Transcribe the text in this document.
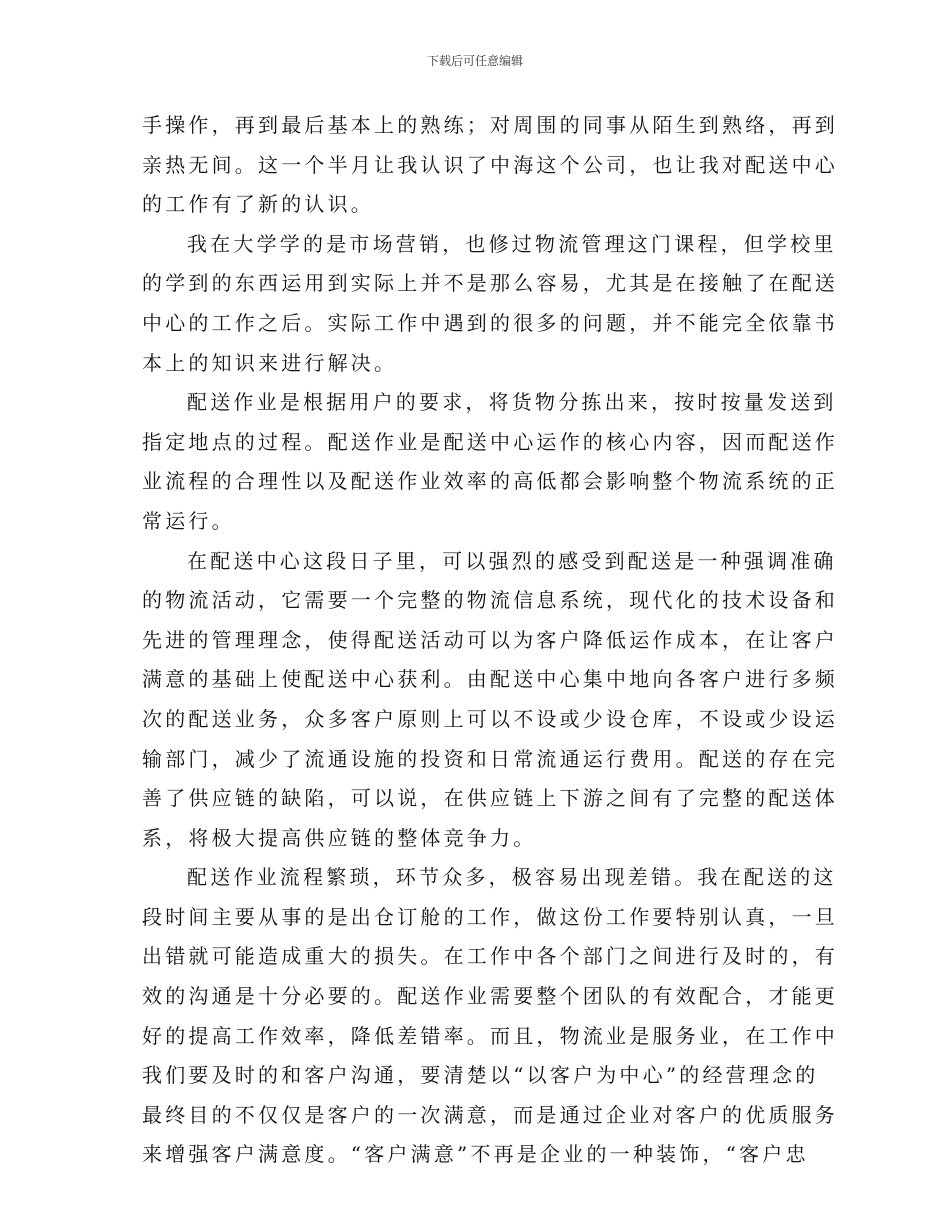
下载后可任意编辑
手操作，再到最后基本上的熟练；对周围的同事从陌生到熟络，再到
亲热无间。这一个半月让我认识了中海这个公司，也让我对配送中心
的工作有了新的认识。
我在大学学的是市场营销，也修过物流管理这门课程，但学校里
的学到的东西运用到实际上并不是那么容易，尤其是在接触了在配送
中心的工作之后。实际工作中遇到的很多的问题，并不能完全依靠书
本上的知识来进行解决。
配送作业是根据用户的要求，将货物分拣出来，按时按量发送到
指定地点的过程。配送作业是配送中心运作的核心内容，因而配送作
业流程的合理性以及配送作业效率的高低都会影响整个物流系统的正
常运行。
在配送中心这段日子里，可以强烈的感受到配送是一种强调准确
的物流活动，它需要一个完整的物流信息系统，现代化的技术设备和
先进的管理理念，使得配送活动可以为客户降低运作成本，在让客户
满意的基础上使配送中心获利。由配送中心集中地向各客户进行多频
次的配送业务，众多客户原则上可以不设或少设仓库，不设或少设运
输部门，减少了流通设施的投资和日常流通运行费用。配送的存在完
善了供应链的缺陷，可以说，在供应链上下游之间有了完整的配送体
系，将极大提高供应链的整体竞争力。
配送作业流程繁琐，环节众多，极容易出现差错。我在配送的这
段时间主要从事的是出仓订舱的工作，做这份工作要特别认真，一旦
出错就可能造成重大的损失。在工作中各个部门之间进行及时的，有
效的沟通是十分必要的。配送作业需要整个团队的有效配合，才能更
好的提高工作效率，降低差错率。而且，物流业是服务业，在工作中
我们要及时的和客户沟通，要清楚以“以客户为中心”的经营理念的
最终目的不仅仅是客户的一次满意，而是通过企业对客户的优质服务
来增强客户满意度。“客户满意”不再是企业的一种装饰，“客户忠
